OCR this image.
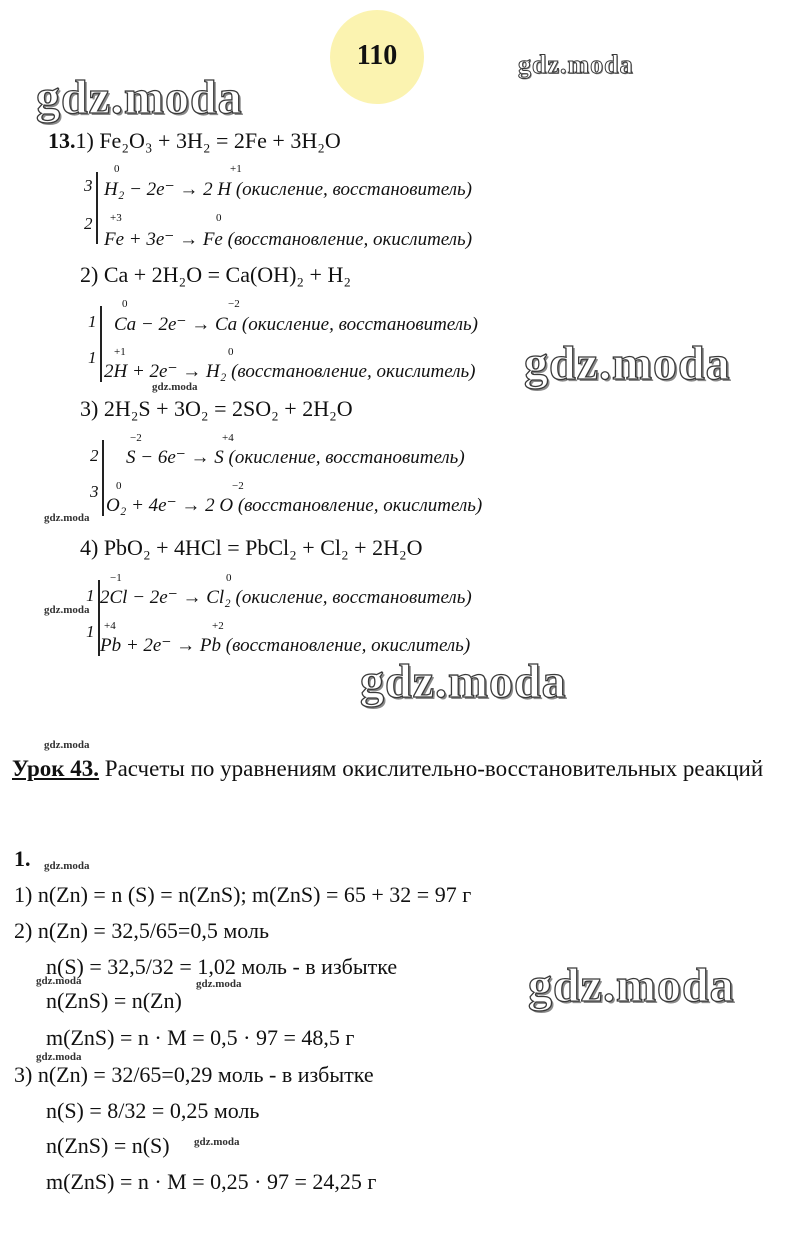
110
gdz.moda
gdz.moda
gdz.moda
gdz.moda
gdz.moda
gdz.moda
gdz.moda
gdz.moda
gdz.moda
gdz.moda
gdz.moda
gdz.moda
gdz.moda
gdz.moda
13.1) Fe₂O₃ + 3H₂ = 2Fe + 3H₂O
3
0	+1
H₂ − 2e⁻ → 2 H (окисление, восстановитель)
2 +3	0
Fe + 3e⁻ → Fe (восстановление, окислитель)
2) Ca + 2H₂O = Ca(OH)₂ + H₂
1
0	−2
Ca − 2e⁻ → Ca (окисление, восстановитель)
1 +1	0
2H + 2e⁻ → H₂ (восстановление, окислитель)
3) 2H₂S + 3O₂ = 2SO₂ + 2H₂O
2
−2	+4
S − 6e⁻ → S (окисление, восстановитель)
3 0	−2
O₂ + 4e⁻ → 2 O (восстановление, окислитель)
4) PbO₂ + 4HCl = PbCl₂ + Cl₂ + 2H₂O
1
−1	0
2Cl − 2e⁻ → Cl₂ (окисление, восстановитель)
1 +4	+2
Pb + 2e⁻ → Pb (восстановление, окислитель)
Урок 43. Расчеты по уравнениям окислительно-восстановительных реакций
1.
1) n(Zn) = n (S) = n(ZnS); m(ZnS) = 65 + 32 = 97 г
2) n(Zn) = 32,5/65=0,5 моль
n(S) = 32,5/32 = 1,02 моль - в избытке
n(ZnS) = n(Zn)
m(ZnS) = n · M = 0,5 · 97 = 48,5 г
3) n(Zn) = 32/65=0,29 моль - в избытке
n(S) = 8/32 = 0,25 моль
n(ZnS) = n(S)
m(ZnS) = n · M = 0,25 · 97 = 24,25 г
